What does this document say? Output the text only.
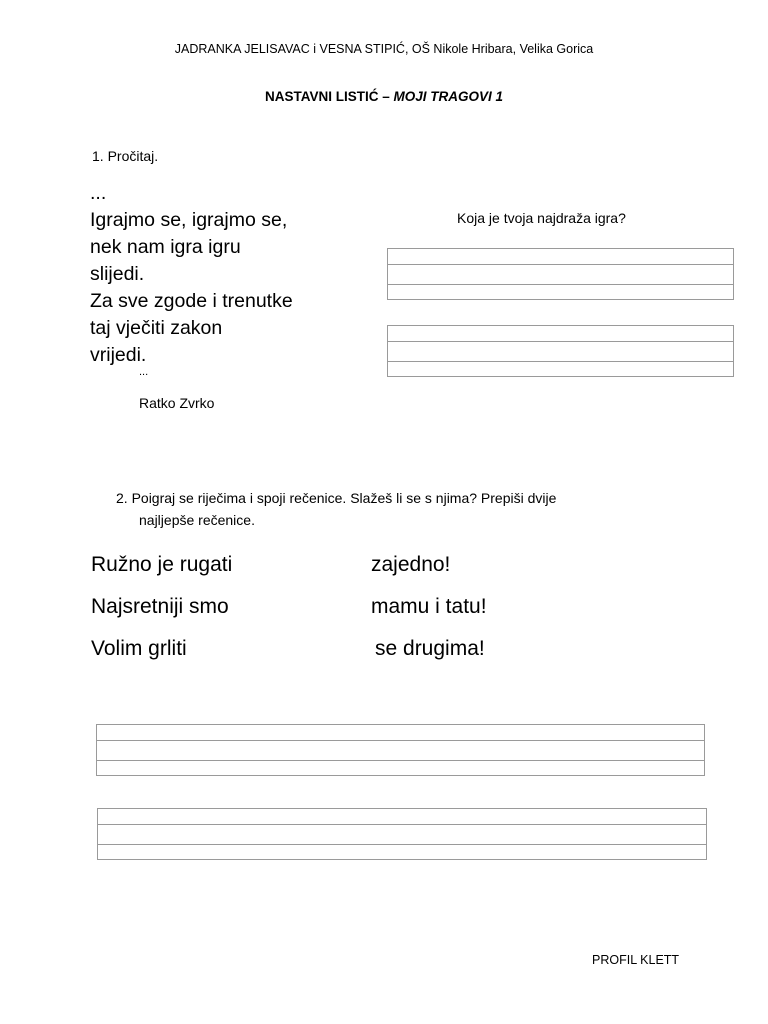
JADRANKA JELISAVAC i VESNA STIPIĆ, OŠ Nikole Hribara, Velika Gorica
NASTAVNI LISTIĆ – MOJI TRAGOVI 1
1. Pročitaj.
...
Igrajmo se, igrajmo se,
nek nam igra igru
slijedi.
Za sve zgode i trenutke
taj vječiti zakon
vrijedi.
...
Ratko Zvrko
Koja je tvoja najdraža igra?
2. Poigraj se riječima i spoji rečenice. Slažeš li se s njima? Prepiši dvije
najljepše rečenice.
Ružno je rugati
Najsretniji smo
Volim grliti
zajedno!
mamu i tatu!
se drugima!
PROFIL KLETT
